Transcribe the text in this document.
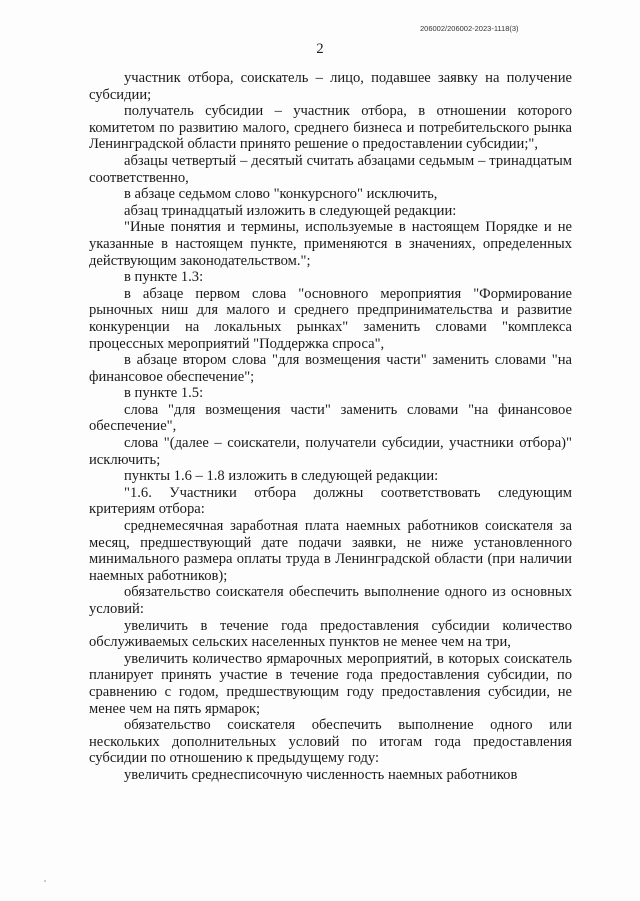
206002/206002-2023-1118(3)
2

участник отбора, соискатель – лицо, подавшее заявку на получение субсидии;

получатель субсидии – участник отбора, в отношении которого комитетом по развитию малого, среднего бизнеса и потребительского рынка Ленинградской области принято решение о предоставлении субсидии;",

абзацы четвертый – десятый считать абзацами седьмым – тринадцатым соответственно,

в абзаце седьмом слово "конкурсного" исключить,

абзац тринадцатый изложить в следующей редакции:

"Иные понятия и термины, используемые в настоящем Порядке и не указанные в настоящем пункте, применяются в значениях, определенных действующим законодательством.";

в пункте 1.3:

в абзаце первом слова "основного мероприятия "Формирование рыночных ниш для малого и среднего предпринимательства и развитие конкуренции на локальных рынках" заменить словами "комплекса процессных мероприятий "Поддержка спроса",

в абзаце втором слова "для возмещения части" заменить словами "на финансовое обеспечение";

в пункте 1.5:

слова "для возмещения части" заменить словами "на финансовое обеспечение",

слова "(далее – соискатели, получатели субсидии, участники отбора)" исключить;

пункты 1.6 – 1.8 изложить в следующей редакции:

"1.6. Участники отбора должны соответствовать следующим критериям отбора:

среднемесячная заработная плата наемных работников соискателя за месяц, предшествующий дате подачи заявки, не ниже установленного минимального размера оплаты труда в Ленинградской области (при наличии наемных работников);

обязательство соискателя обеспечить выполнение одного из основных условий:

увеличить в течение года предоставления субсидии количество обслуживаемых сельских населенных пунктов не менее чем на три,

увеличить количество ярмарочных мероприятий, в которых соискатель планирует принять участие в течение года предоставления субсидии, по сравнению с годом, предшествующим году предоставления субсидии, не менее чем на пять ярмарок;

обязательство соискателя обеспечить выполнение одного или нескольких дополнительных условий по итогам года предоставления субсидии по отношению к предыдущему году:

увеличить среднесписочную численность наемных работников
